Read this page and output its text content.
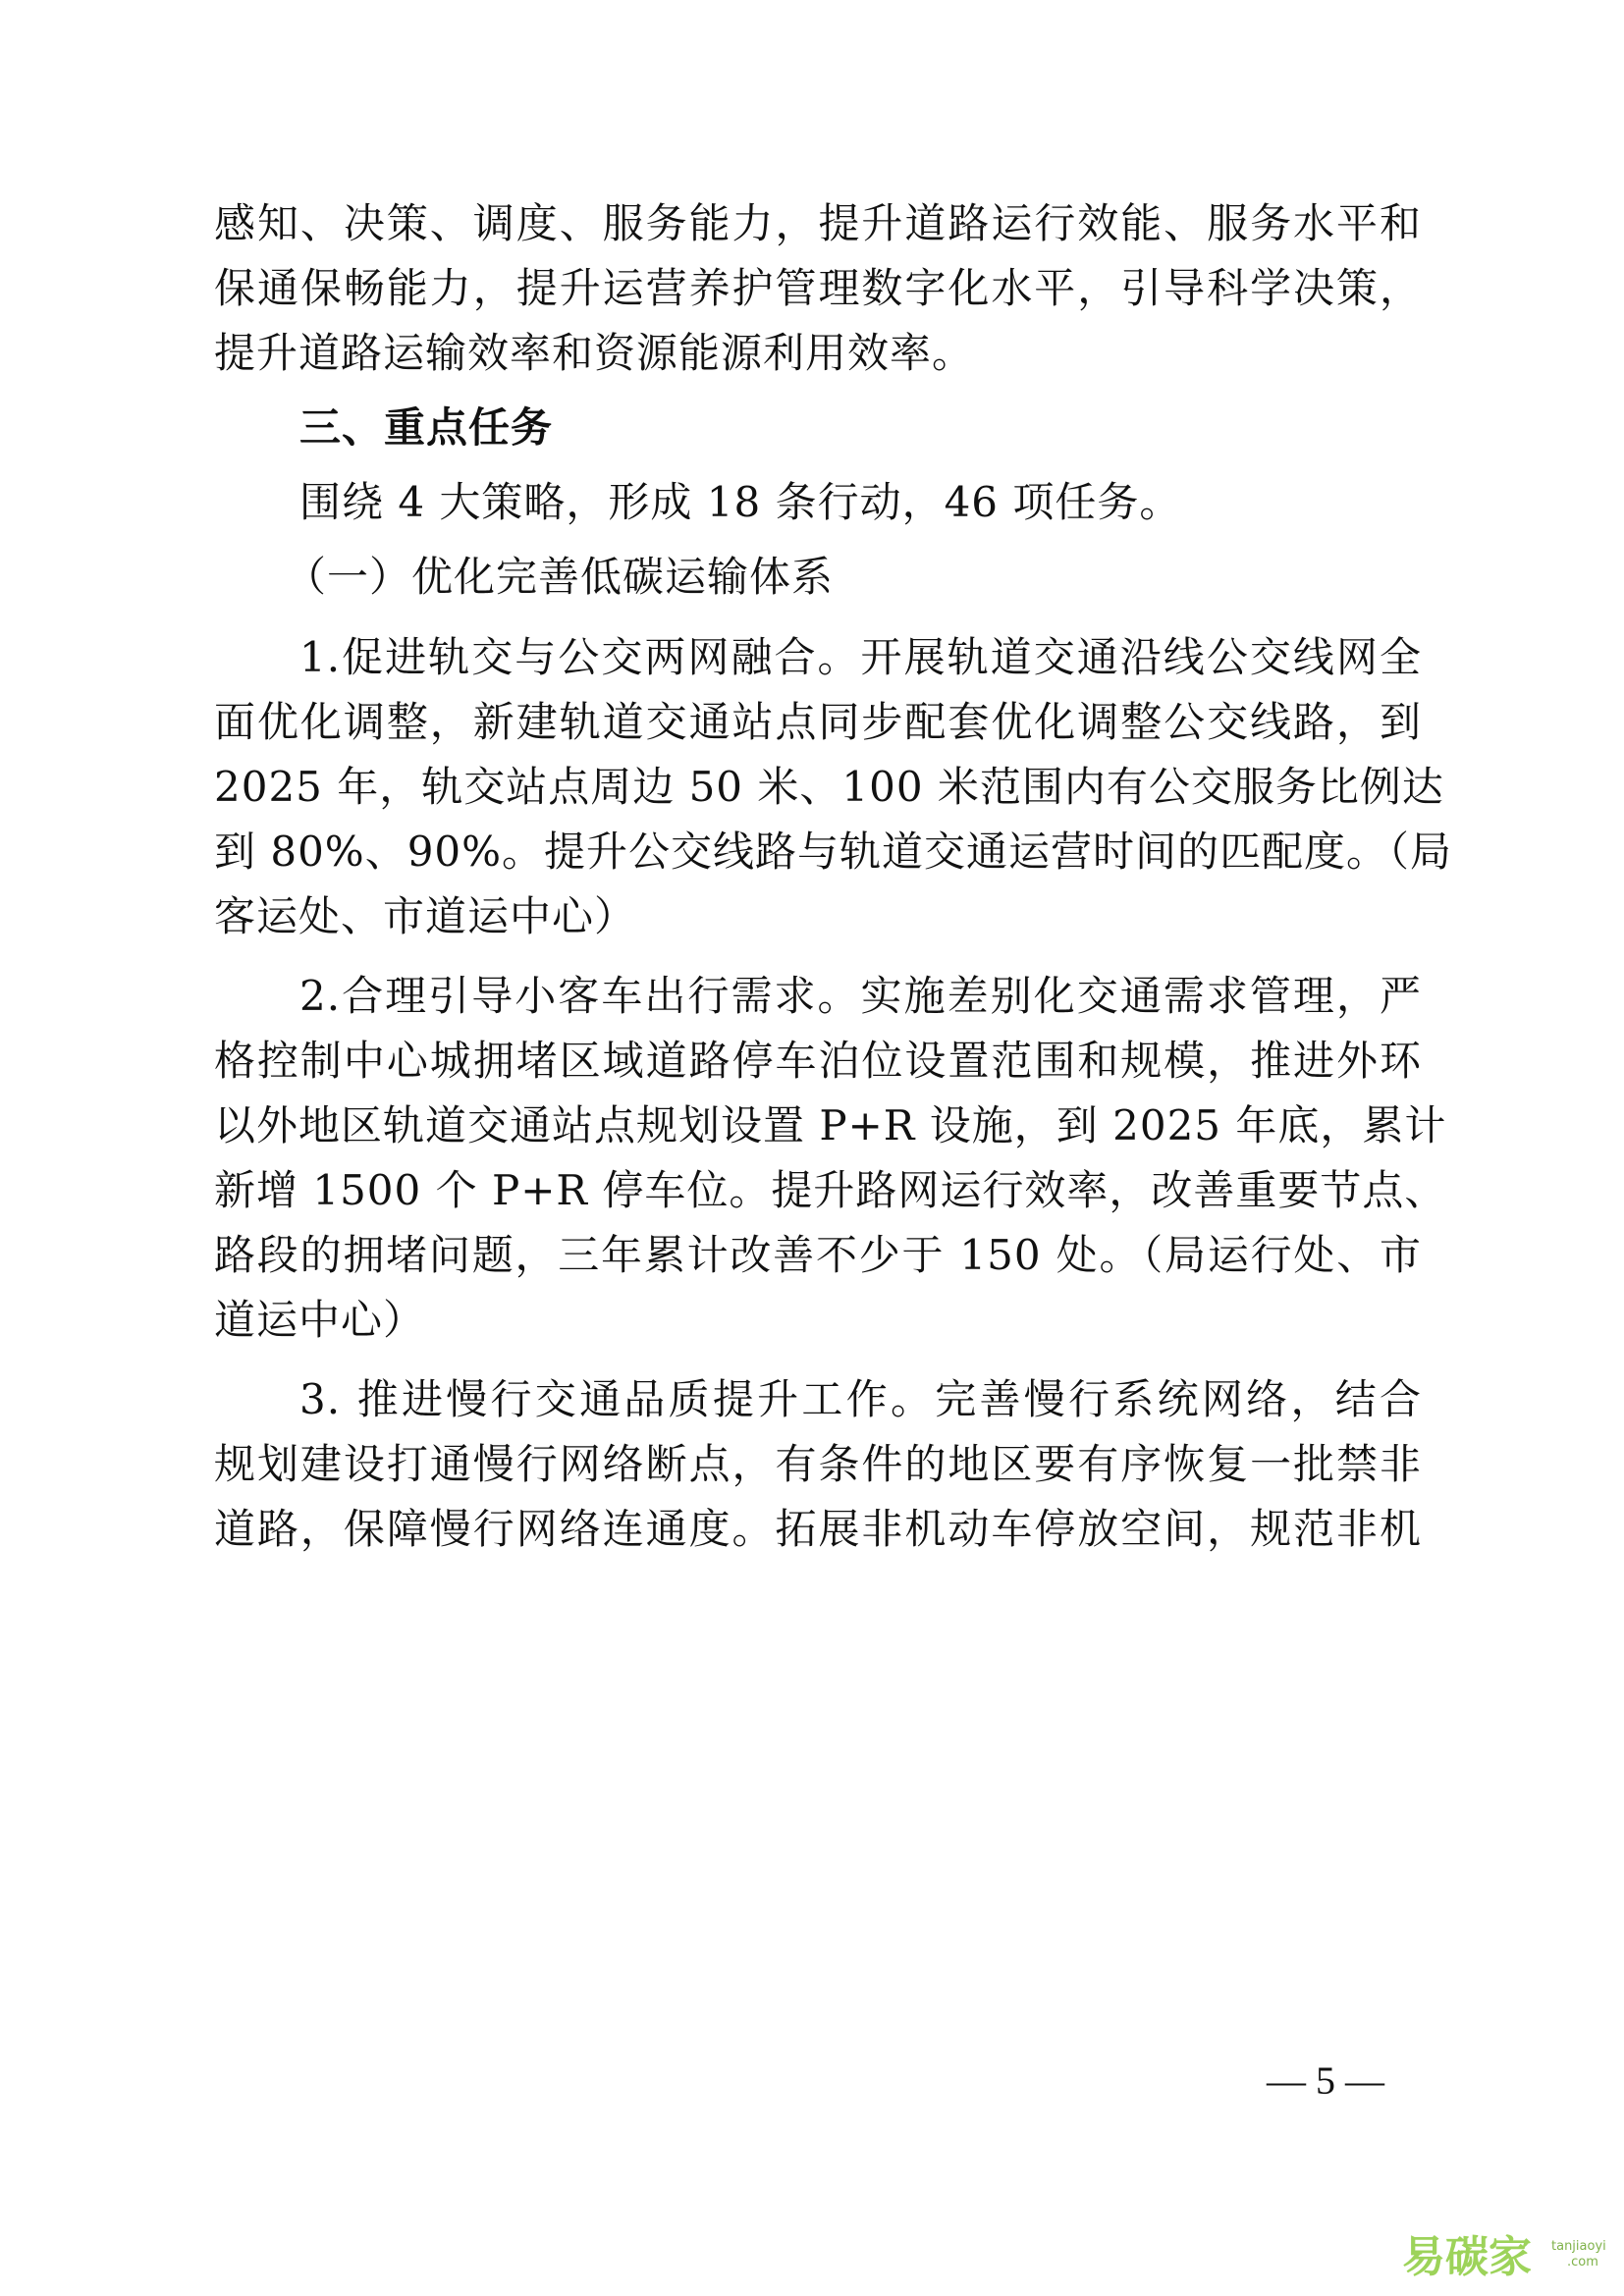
感知、决策、调度、服务能力，提升道路运行效能、服务水平和
保通保畅能力，提升运营养护管理数字化水平，引导科学决策，
提升道路运输效率和资源能源利用效率。
三、重点任务
围绕 4 大策略，形成 18 条行动，46 项任务。
（一）优化完善低碳运输体系
1.促进轨交与公交两网融合。开展轨道交通沿线公交线网全
面优化调整，新建轨道交通站点同步配套优化调整公交线路，到
2025 年，轨交站点周边 50 米、100 米范围内有公交服务比例达
到 80%、90%。提升公交线路与轨道交通运营时间的匹配度。（局
客运处、市道运中心）
2.合理引导小客车出行需求。实施差别化交通需求管理，严
格控制中心城拥堵区域道路停车泊位设置范围和规模，推进外环
以外地区轨道交通站点规划设置 P+R 设施，到 2025 年底，累计
新增 1500 个 P+R 停车位。提升路网运行效率，改善重要节点、
路段的拥堵问题，三年累计改善不少于 150 处。（局运行处、市
道运中心）
3. 推进慢行交通品质提升工作。完善慢行系统网络，结合
规划建设打通慢行网络断点，有条件的地区要有序恢复一批禁非
道路，保障慢行网络连通度。拓展非机动车停放空间，规范非机
— 5 —
易碳家 tanjiaoyi
.com
